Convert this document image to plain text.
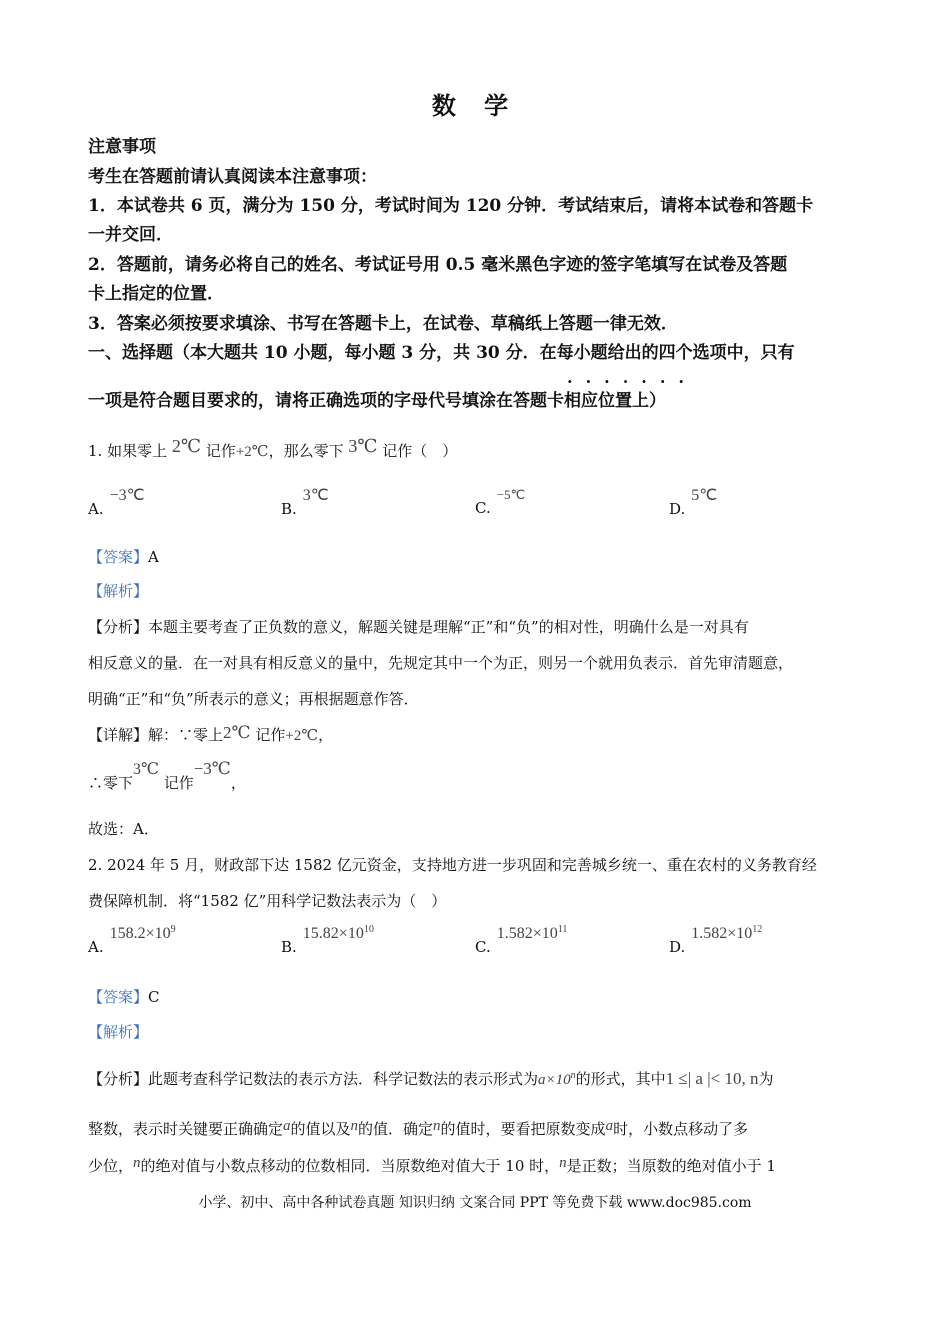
数 学
注意事项
考生在答题前请认真阅读本注意事项：
1．本试卷共 6 页，满分为 150 分，考试时间为 120 分钟．考试结束后，请将本试卷和答题卡
一并交回．
2．答题前，请务必将自己的姓名、考试证号用 0.5 毫米黑色字迹的签字笔填写在试卷及答题
卡上指定的位置．
3．答案必须按要求填涂、书写在答题卡上，在试卷、草稿纸上答题一律无效．
一、选择题（本大题共 10 小题，每小题 3 分，共 30 分．在每小题给出的四个选项中，只有
·······
一项是符合题目要求的，请将正确选项的字母代号填涂在答题卡相应位置上）
1. 如果零上 2℃ 记作+2℃，那么零下 3℃ 记作（　）
A.−3℃
B.3℃
C.−5℃
D.5℃
【答案】A
【解析】
【分析】本题主要考查了正负数的意义，解题关键是理解“正”和“负”的相对性，明确什么是一对具有
相反意义的量．在一对具有相反意义的量中，先规定其中一个为正，则另一个就用负表示．首先审清题意，
明确“正”和“负”所表示的意义；再根据题意作答．
【详解】解：∵零上2℃ 记作+2℃，
∴零下3℃ 记作−3℃，
故选：A．
2. 2024 年 5 月，财政部下达 1582 亿元资金，支持地方进一步巩固和完善城乡统一、重在农村的义务教育经
费保障机制．将“1582 亿”用科学记数法表示为（　）
$A.158.2\times 10^9$
$B.15.82\times 10^{10}$
$C.1.582\times 10^{11}$
$D.1.582\times 10^{12}$
【答案】C
【解析】
【分析】此题考查科学记数法的表示方法．科学记数法的表示形式为$a\times 10^n$的形式，其中1 ≤| a |< 10, n为
整数，表示时关键要正确确定a的值以及n的值．确定n的值时，要看把原数变成a时，小数点移动了多
少位，n的绝对值与小数点移动的位数相同．当原数绝对值大于 10 时，n是正数；当原数的绝对值小于 1
小学、初中、高中各种试卷真题 知识归纳 文案合同 PPT 等免费下载 www.doc985.com
